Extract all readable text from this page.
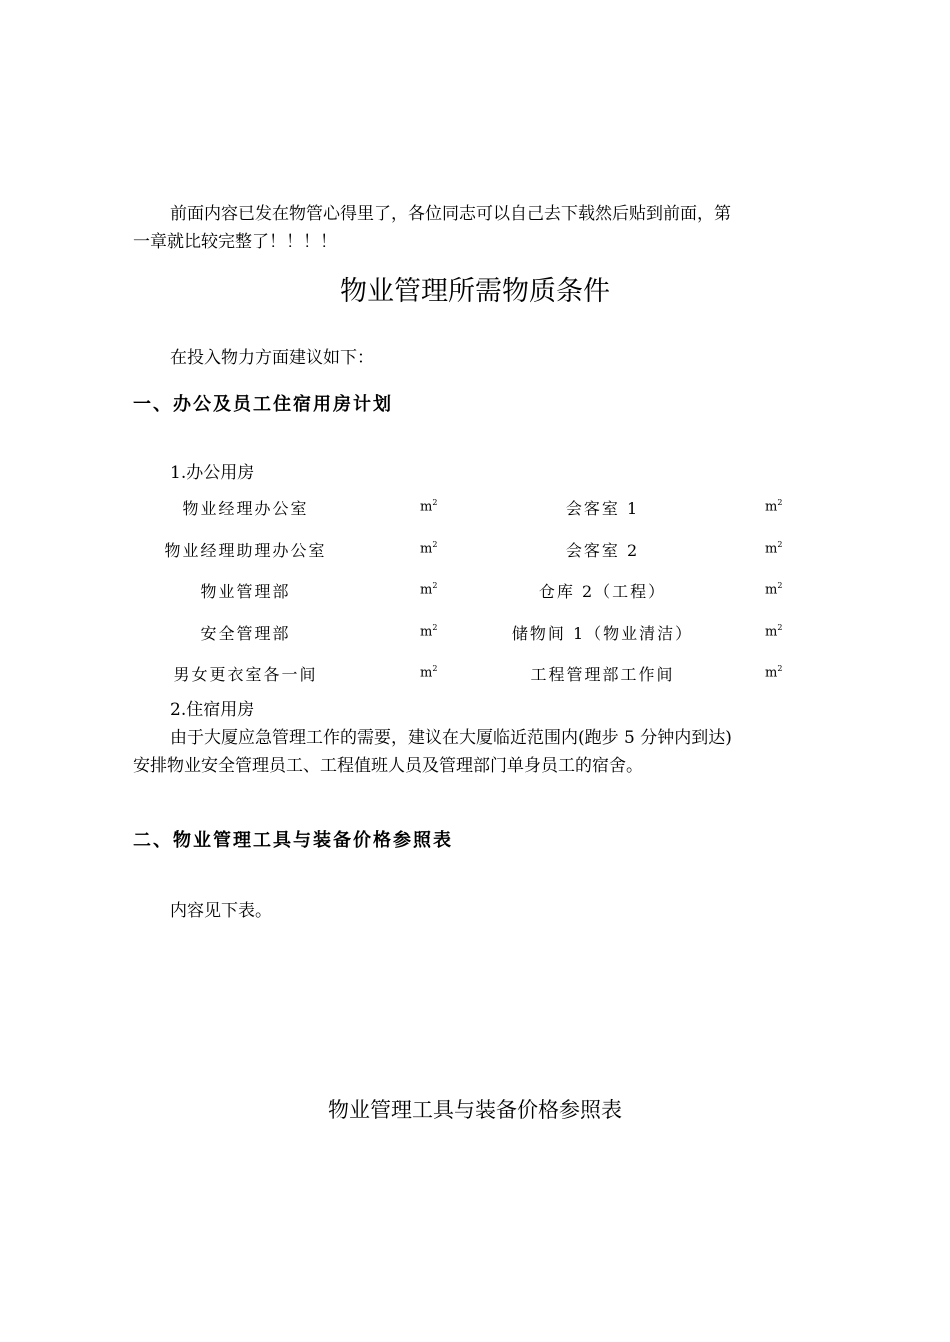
前面内容已发在物管心得里了，各位同志可以自己去下载然后贴到前面，第
一章就比较完整了！！！！
物业管理所需物质条件
在投入物力方面建议如下：
一、办公及员工住宿用房计划
1.办公用房
物业经理办公室	$m^2$	会客室 1	$m^2$
物业经理助理办公室	$m^2$	会客室 2	$m^2$
物业管理部	$m^2$	仓库 2（工程）	$m^2$
安全管理部	$m^2$	储物间 1（物业清洁）	$m^2$
男女更衣室各一间	$m^2$	工程管理部工作间	$m^2$
2.住宿用房
由于大厦应急管理工作的需要，建议在大厦临近范围内(跑步 5 分钟内到达)
安排物业安全管理员工、工程值班人员及管理部门单身员工的宿舍。
二、物业管理工具与装备价格参照表
内容见下表。
物业管理工具与装备价格参照表
